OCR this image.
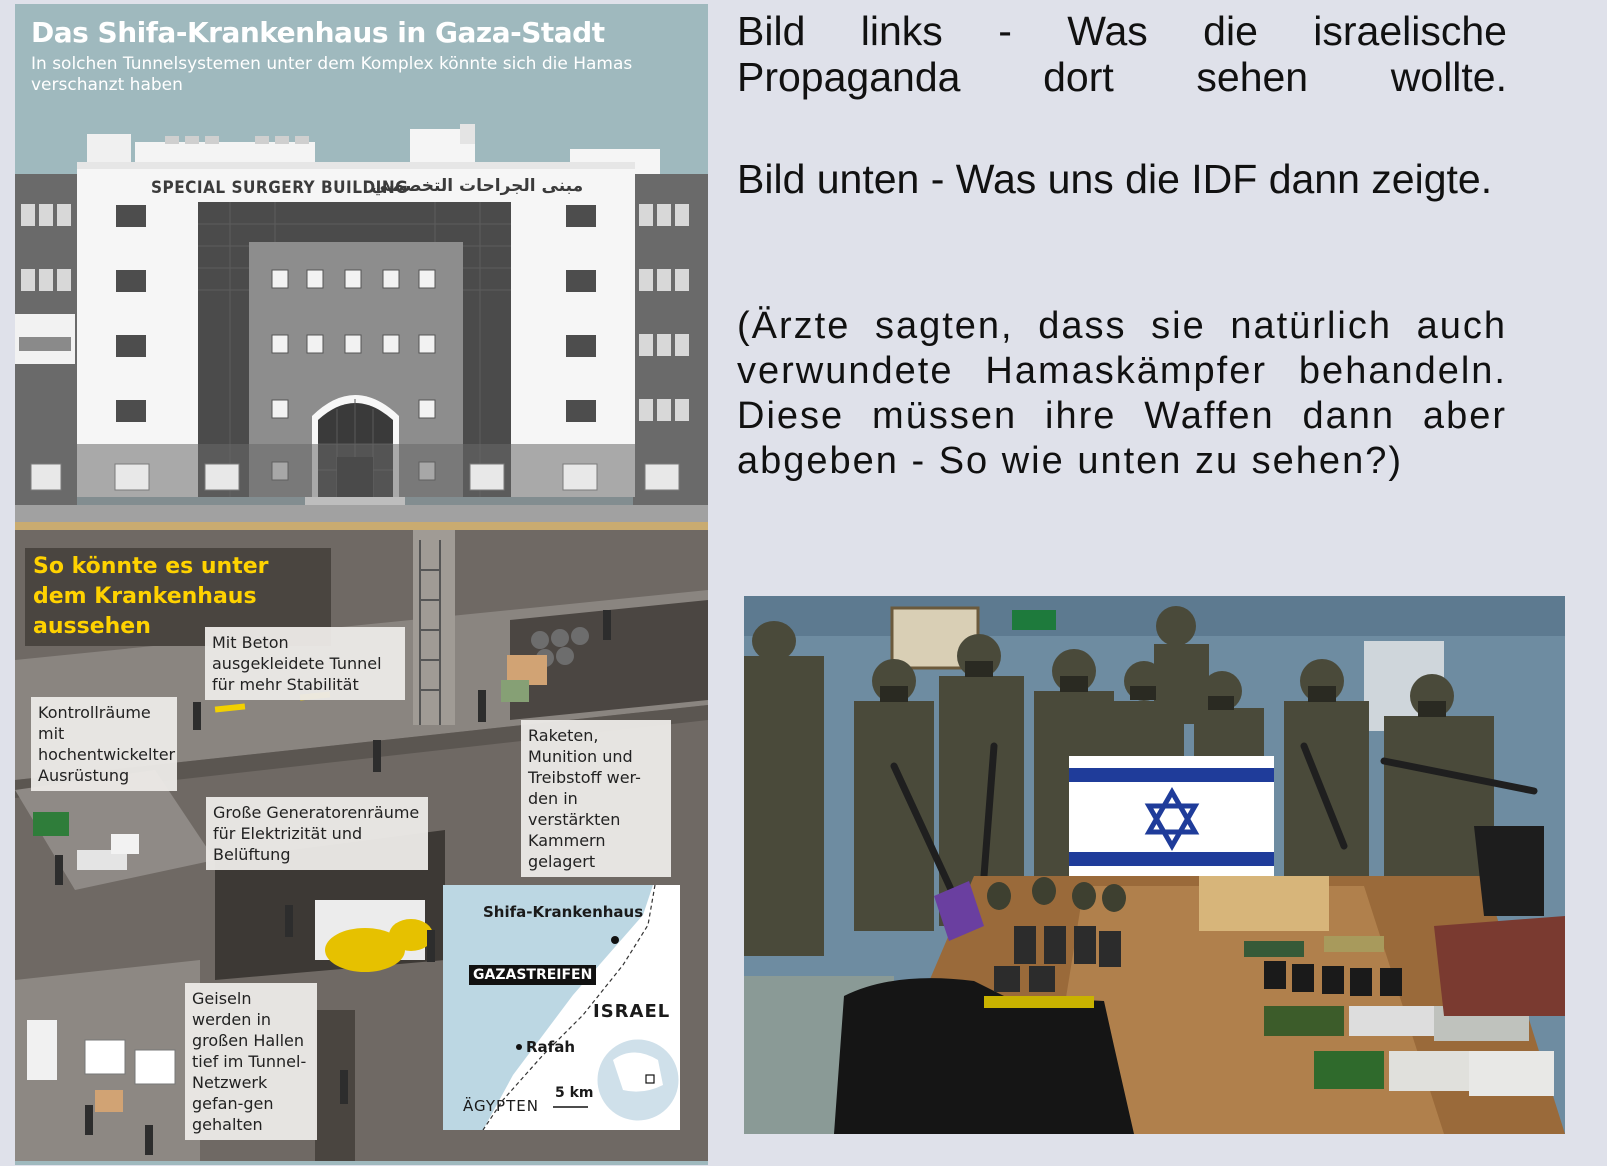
Das Shifa-Krankenhaus in Gaza-Stadt

In solchen Tunnelsystemen unter dem Komplex könnte sich die Hamas verschanzt haben

SPECIAL SURGERY BUILDING
مبنى الجراحات التخصصي
So könnte es unter dem Krankenhaus aussehen
Mit Beton ausgekleidete Tunnel für mehr Stabilität
Kontrollräume mit hochentwickelter Ausrüstung
Raketen, Munition und Treibstoff wer-den in verstärkten Kammern gelagert
Große Generatorenräume für Elektrizität und Belüftung
Geiseln werden in großen Hallen tief im Tunnel-Netzwerk gefan-gen gehalten
Shifa-Krankenhaus
GAZASTREIFEN
ISRAEL
Rafah
ÄGYPTEN
5 km

Bild links - Was die israelische Propaganda dort sehen wollte.

Bild unten - Was uns die IDF dann zeigte.

(Ärzte sagten, dass sie natürlich auch verwundete Hamaskämpfer behandeln. Diese müssen ihre Waffen dann aber abgeben - So wie unten zu sehen?)
